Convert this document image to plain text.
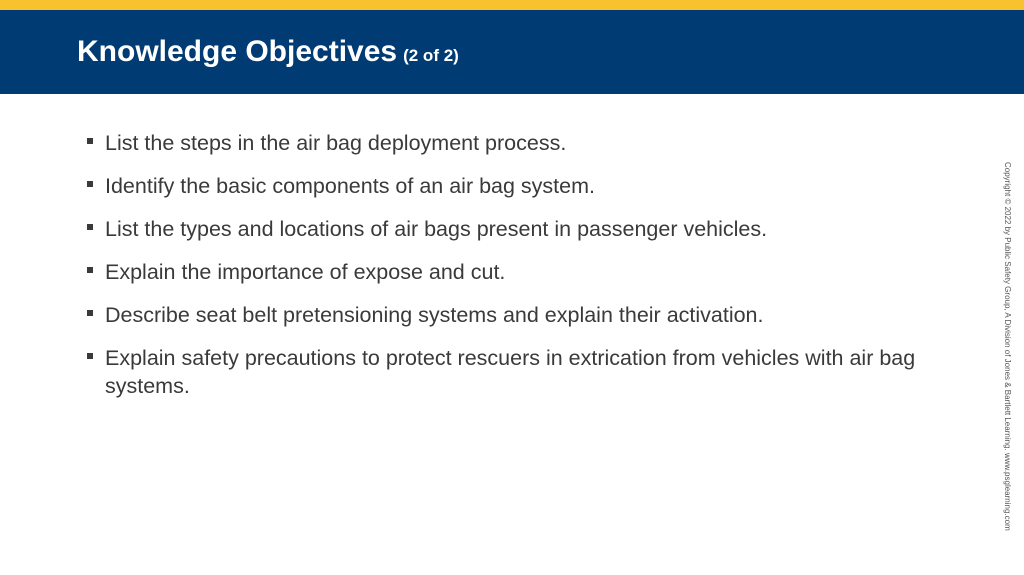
Knowledge Objectives (2 of 2)
List the steps in the air bag deployment process.
Identify the basic components of an air bag system.
List the types and locations of air bags present in passenger vehicles.
Explain the importance of expose and cut.
Describe seat belt pretensioning systems and explain their activation.
Explain safety precautions to protect rescuers in extrication from vehicles with air bag systems.	Copyright © 2022 by Public Safety Group, A Division of Jones & Bartlett Learning. www.psglearning.com
